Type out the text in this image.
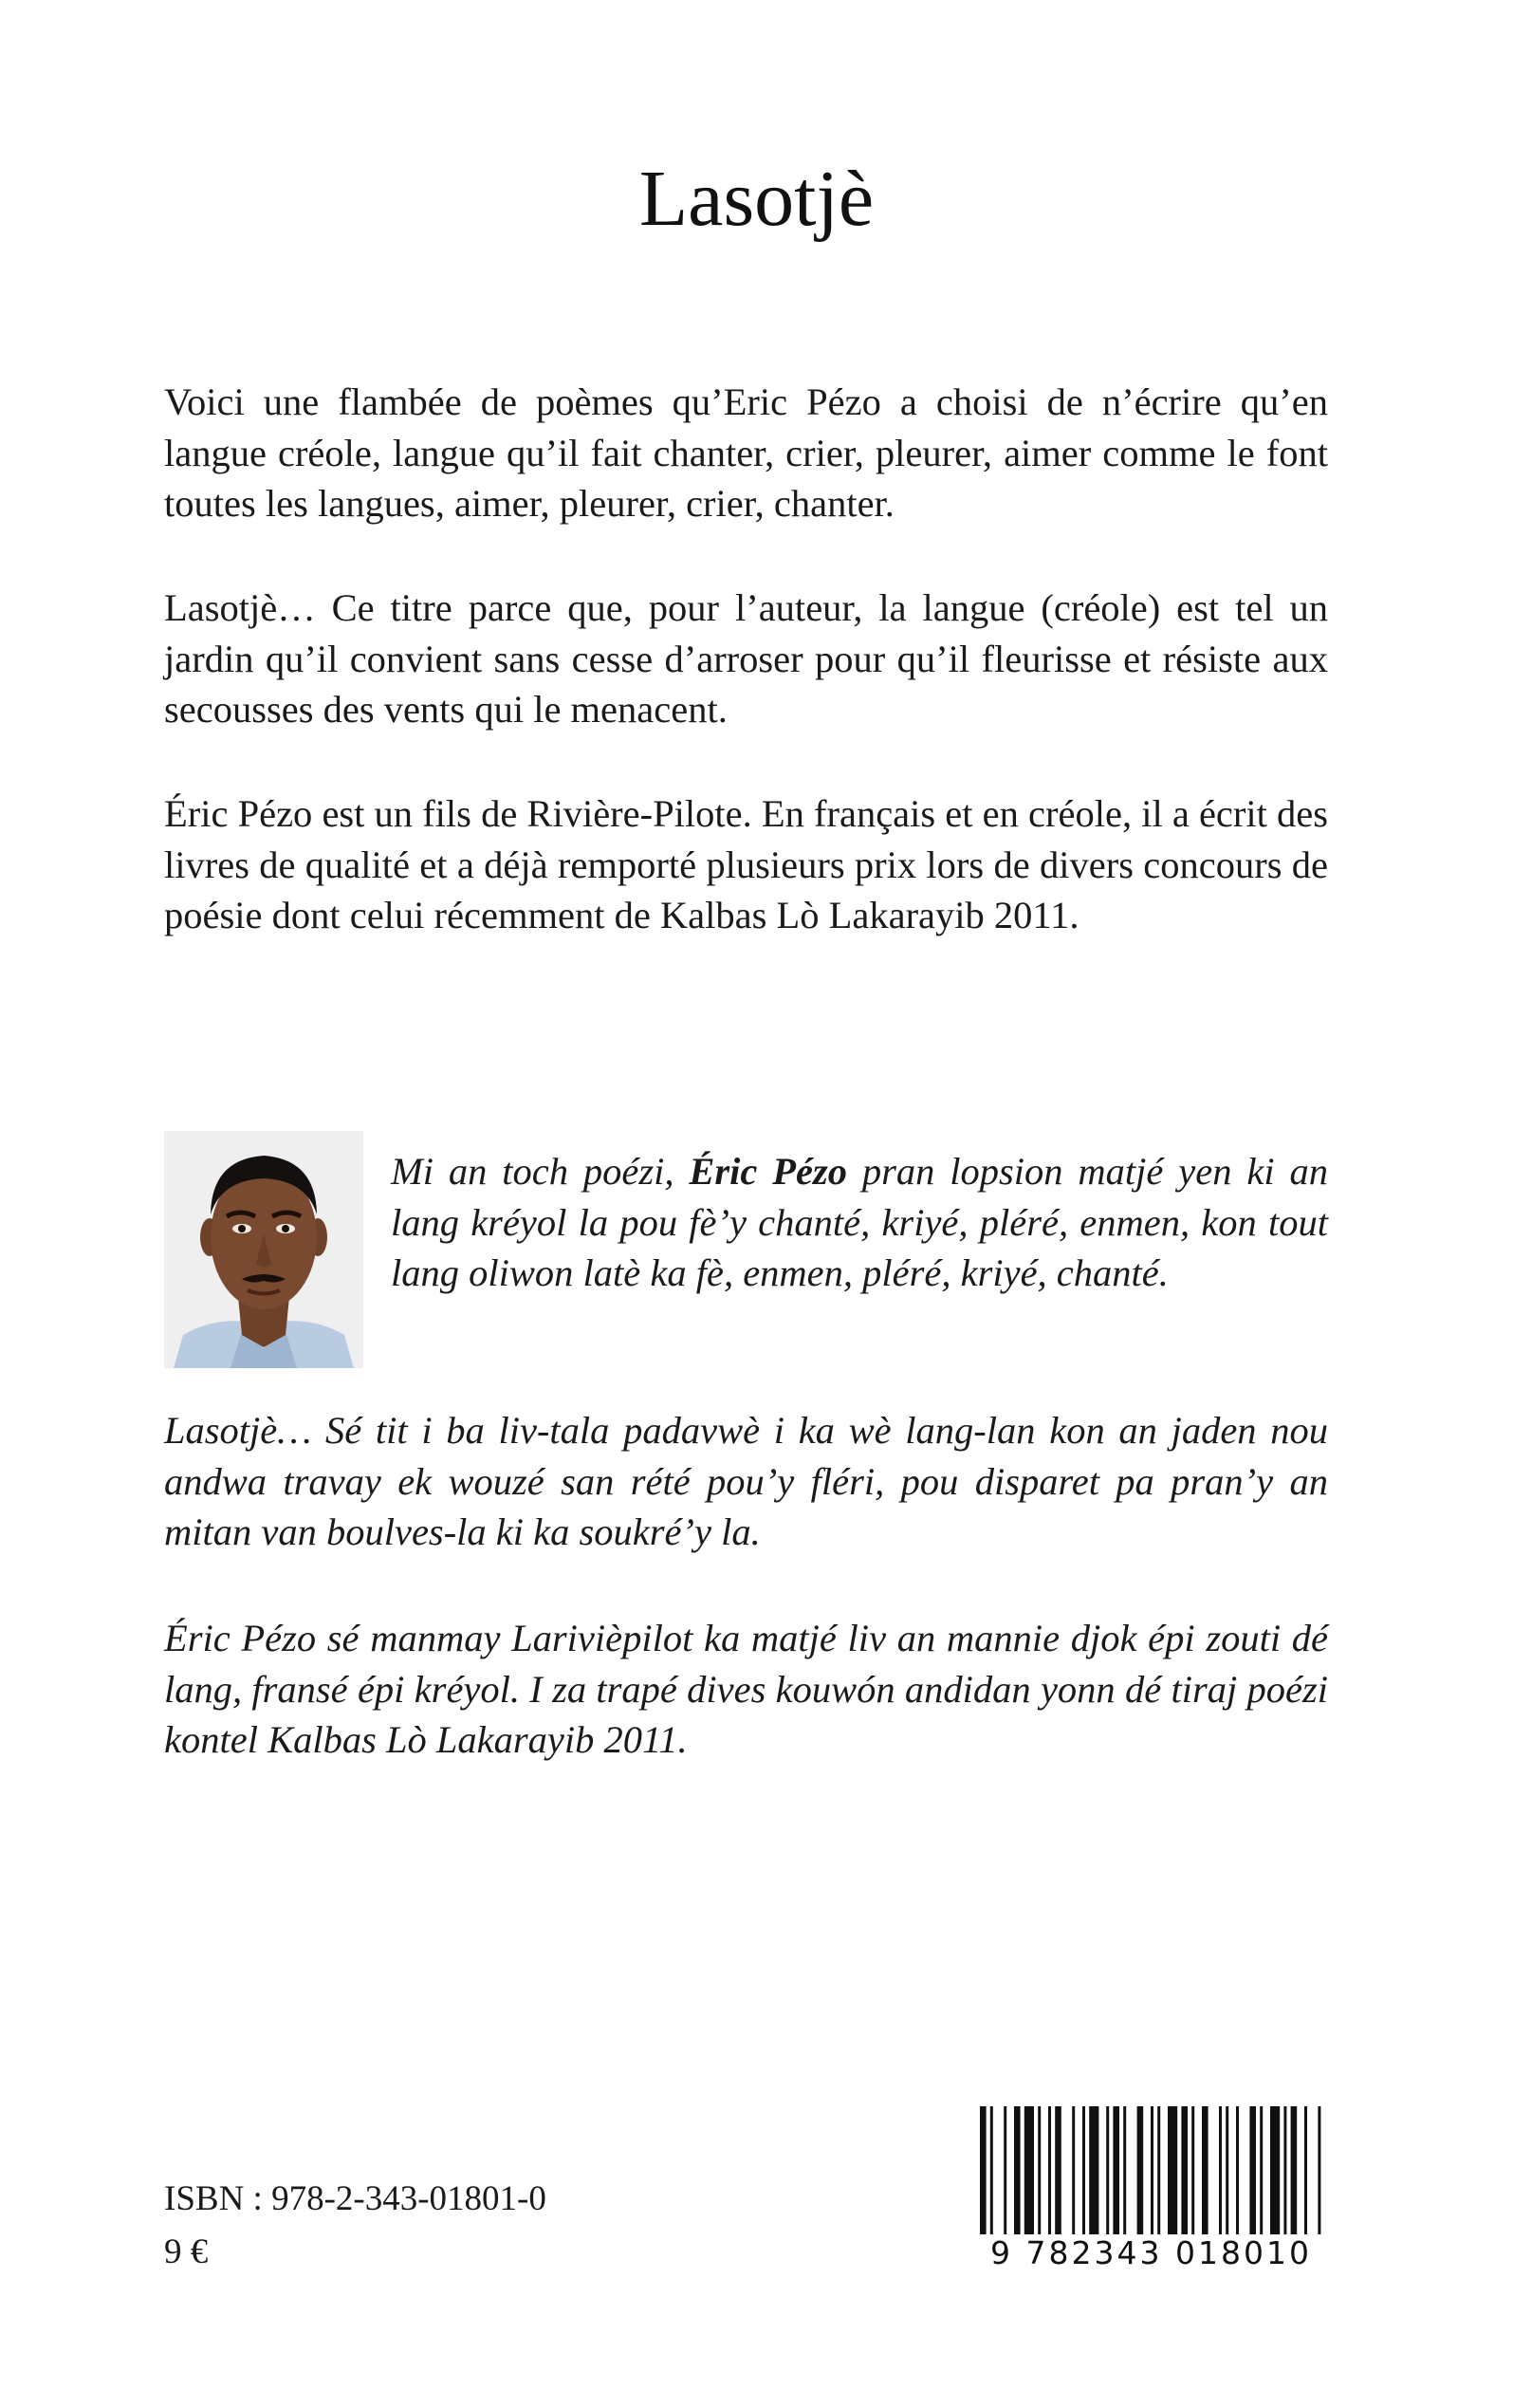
Lasotjè
Voici une flambée de poèmes qu’Eric Pézo a choisi de n’écrire qu’en langue créole, langue qu’il fait chanter, crier, pleurer, aimer comme le font toutes les langues, aimer, pleurer, crier, chanter.
Lasotjè… Ce titre parce que, pour l’auteur, la langue (créole) est tel un jardin qu’il convient sans cesse d’arroser pour qu’il fleurisse et résiste aux secousses des vents qui le menacent.
Éric Pézo est un fils de Rivière-Pilote. En français et en créole, il a écrit des livres de qualité et a déjà remporté plusieurs prix lors de divers concours de poésie dont celui récemment de Kalbas Lò Lakarayib 2011.
Mi an toch poézi, Éric Pézo pran lopsion matjé yen ki an lang kréyol la pou fè’y chanté, kriyé, pléré, enmen, kon tout lang oliwon latè ka fè, enmen, pléré, kriyé, chanté.
Lasotjè… Sé tit i ba liv-tala padavwè i ka wè lang-lan kon an jaden nou andwa travay ek wouzé san rété pou’y fléri, pou disparet pa pran’y an mitan van boulves-la ki ka soukré’y la.
Éric Pézo sé manmay Larivièpilot ka matjé liv an mannie djok épi zouti dé lang, fransé épi kréyol. I za trapé dives kouwón andidan yonn dé tiraj poézi kontel Kalbas Lò Lakarayib 2011.
ISBN : 978-2-343-01801-0
9 €	9 782343 018010
